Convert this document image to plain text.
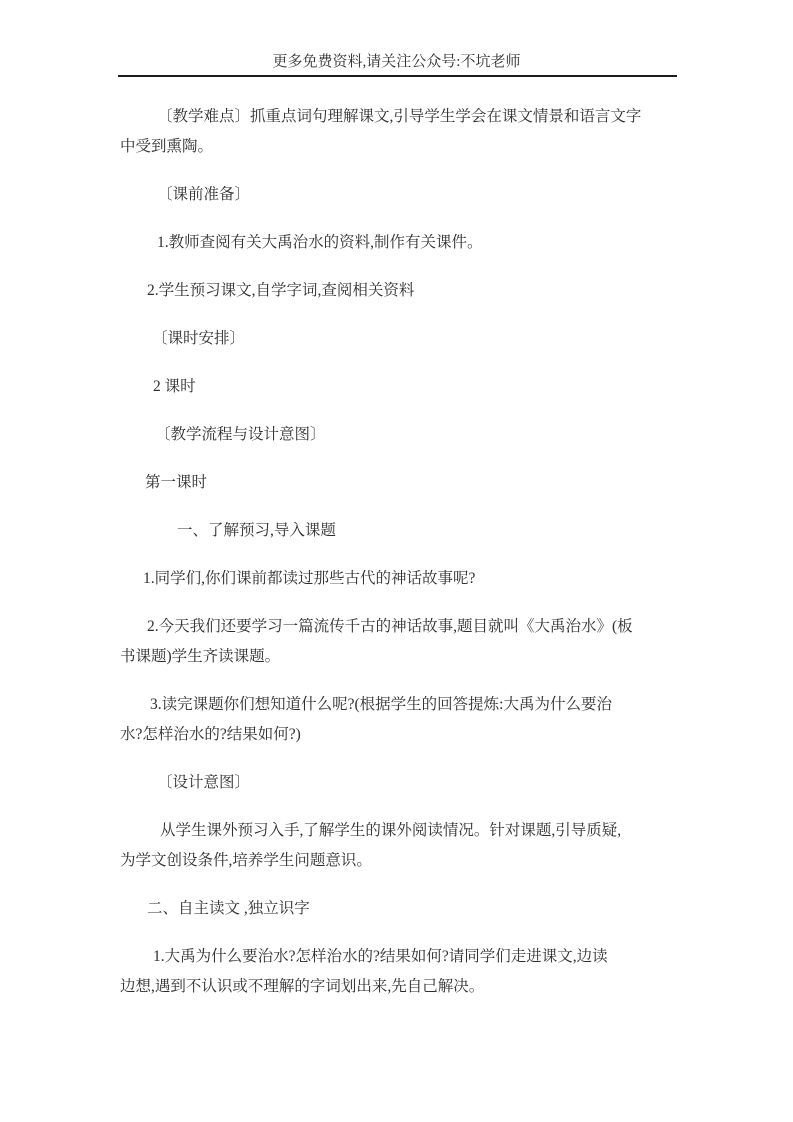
更多免费资料,请关注公众号:不坑老师
〔教学难点〕抓重点词句理解课文,引导学生学会在课文情景和语言文字
中受到熏陶。
〔课前准备〕
1.教师查阅有关大禹治水的资料,制作有关课件。
2.学生预习课文,自学字词,查阅相关资料
〔课时安排〕
2 课时
〔教学流程与设计意图〕
第一课时
一、了解预习,导入课题
1.同学们,你们课前都读过那些古代的神话故事呢?
2.今天我们还要学习一篇流传千古的神话故事,题目就叫《大禹治水》(板
书课题)学生齐读课题。
3.读完课题你们想知道什么呢?(根据学生的回答提炼:大禹为什么要治
水?怎样治水的?结果如何?)
〔设计意图〕
从学生课外预习入手,了解学生的课外阅读情况。针对课题,引导质疑,
为学文创设条件,培养学生问题意识。
二、自主读文 ,独立识字
1.大禹为什么要治水?怎样治水的?结果如何?请同学们走进课文,边读
边想,遇到不认识或不理解的字词划出来,先自己解决。
